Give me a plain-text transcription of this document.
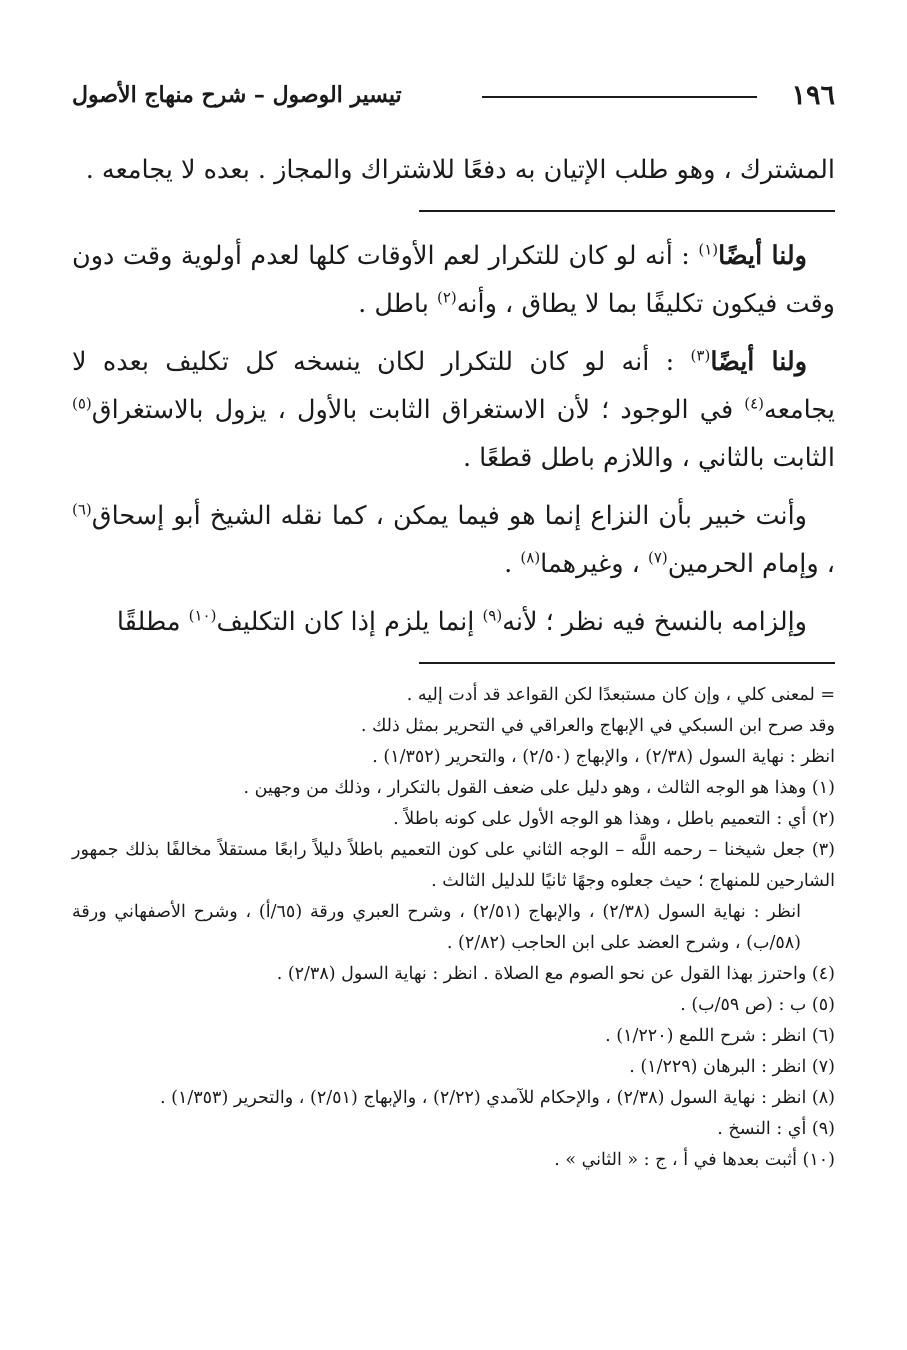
١٩٦
تيسير الوصول – شرح منهاج الأصول

المشترك ، وهو طلب الإتيان به دفعًا للاشتراك والمجاز . بعده لا يجامعه .

ولنا أيضًا$^{(١)}$ : أنه لو كان للتكرار لعم الأوقات كلها لعدم أولوية وقت دون وقت فيكون تكليفًا بما لا يطاق ، وأنه$^{(٢)}$ باطل .

ولنا أيضًا$^{(٣)}$ : أنه لو كان للتكرار لكان ينسخه كل تكليف بعده لا يجامعه$^{(٤)}$ في الوجود ؛ لأن الاستغراق الثابت بالأول ، يزول بالاستغراق$^{(٥)}$ الثابت بالثاني ، واللازم باطل قطعًا .

وأنت خبير بأن النزاع إنما هو فيما يمكن ، كما نقله الشيخ أبو إسحاق$^{(٦)}$ ، وإمام الحرمين$^{(٧)}$ ، وغيرهما$^{(٨)}$ .

وإلزامه بالنسخ فيه نظر ؛ لأنه$^{(٩)}$ إنما يلزم إذا كان التكليف$^{(١٠)}$ مطلقًا

= لمعنى كلي ، وإن كان مستبعدًا لكن القواعد قد أدت إليه .

وقد صرح ابن السبكي في الإبهاج والعراقي في التحرير بمثل ذلك .

انظر : نهاية السول (٢/٣٨) ، والإبهاج (٢/٥٠) ، والتحرير (١/٣٥٢) .

(١) وهذا هو الوجه الثالث ، وهو دليل على ضعف القول بالتكرار ، وذلك من وجهين .

(٢) أي : التعميم باطل ، وهذا هو الوجه الأول على كونه باطلاً .

(٣) جعل شيخنا – رحمه اللَّه – الوجه الثاني على كون التعميم باطلاً دليلاً رابعًا مستقلاً مخالفًا بذلك جمهور الشارحين للمنهاج ؛ حيث جعلوه وجهًا ثانيًا للدليل الثالث .

انظر : نهاية السول (٢/٣٨) ، والإبهاج (٢/٥١) ، وشرح العبري ورقة (٦٥/أ) ، وشرح الأصفهاني ورقة (٥٨/ب) ، وشرح العضد على ابن الحاجب (٢/٨٢) .

(٤) واحترز بهذا القول عن نحو الصوم مع الصلاة . انظر : نهاية السول (٢/٣٨) .

(٥) ب : (ص ٥٩/ب) .

(٦) انظر : شرح اللمع (١/٢٢٠) .

(٧) انظر : البرهان (١/٢٢٩) .

(٨) انظر : نهاية السول (٢/٣٨) ، والإحكام للآمدي (٢/٢٢) ، والإبهاج (٢/٥١) ، والتحرير (١/٣٥٣) .

(٩) أي : النسخ .

(١٠) أثبت بعدها في أ ، ج : « الثاني » .
